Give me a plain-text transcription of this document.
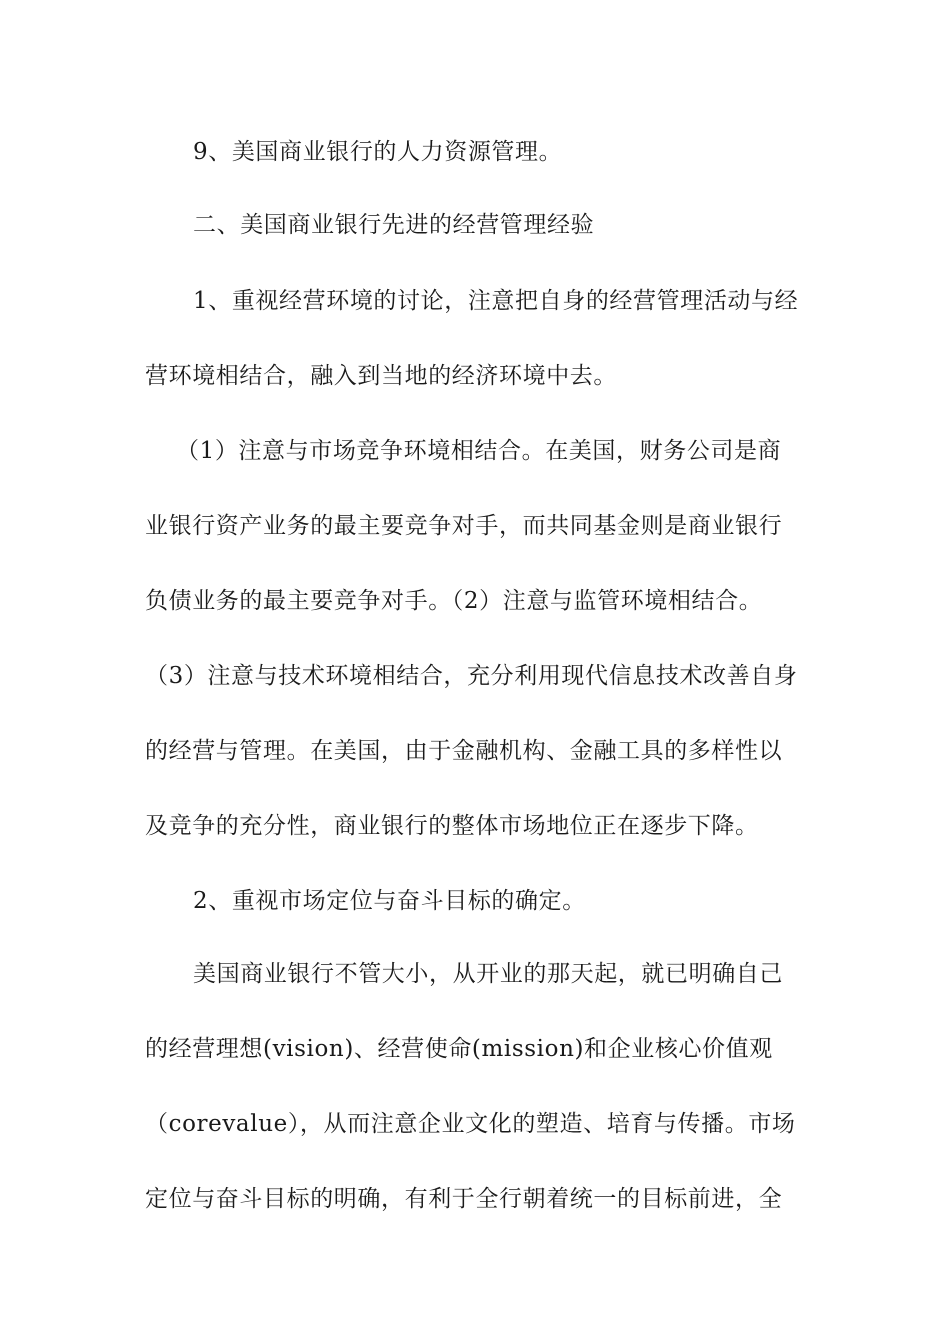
9、美国商业银行的人力资源管理。
二、美国商业银行先进的经营管理经验
1、重视经营环境的讨论，注意把自身的经营管理活动与经
营环境相结合，融入到当地的经济环境中去。
（1）注意与市场竞争环境相结合。在美国，财务公司是商
业银行资产业务的最主要竞争对手，而共同基金则是商业银行
负债业务的最主要竞争对手。（2）注意与监管环境相结合。
（3）注意与技术环境相结合，充分利用现代信息技术改善自身
的经营与管理。在美国，由于金融机构、金融工具的多样性以
及竞争的充分性，商业银行的整体市场地位正在逐步下降。
2、重视市场定位与奋斗目标的确定。
美国商业银行不管大小，从开业的那天起，就已明确自己
的经营理想(vision)、经营使命(mission)和企业核心价值观
（corevalue），从而注意企业文化的塑造、培育与传播。市场
定位与奋斗目标的明确，有利于全行朝着统一的目标前进，全
